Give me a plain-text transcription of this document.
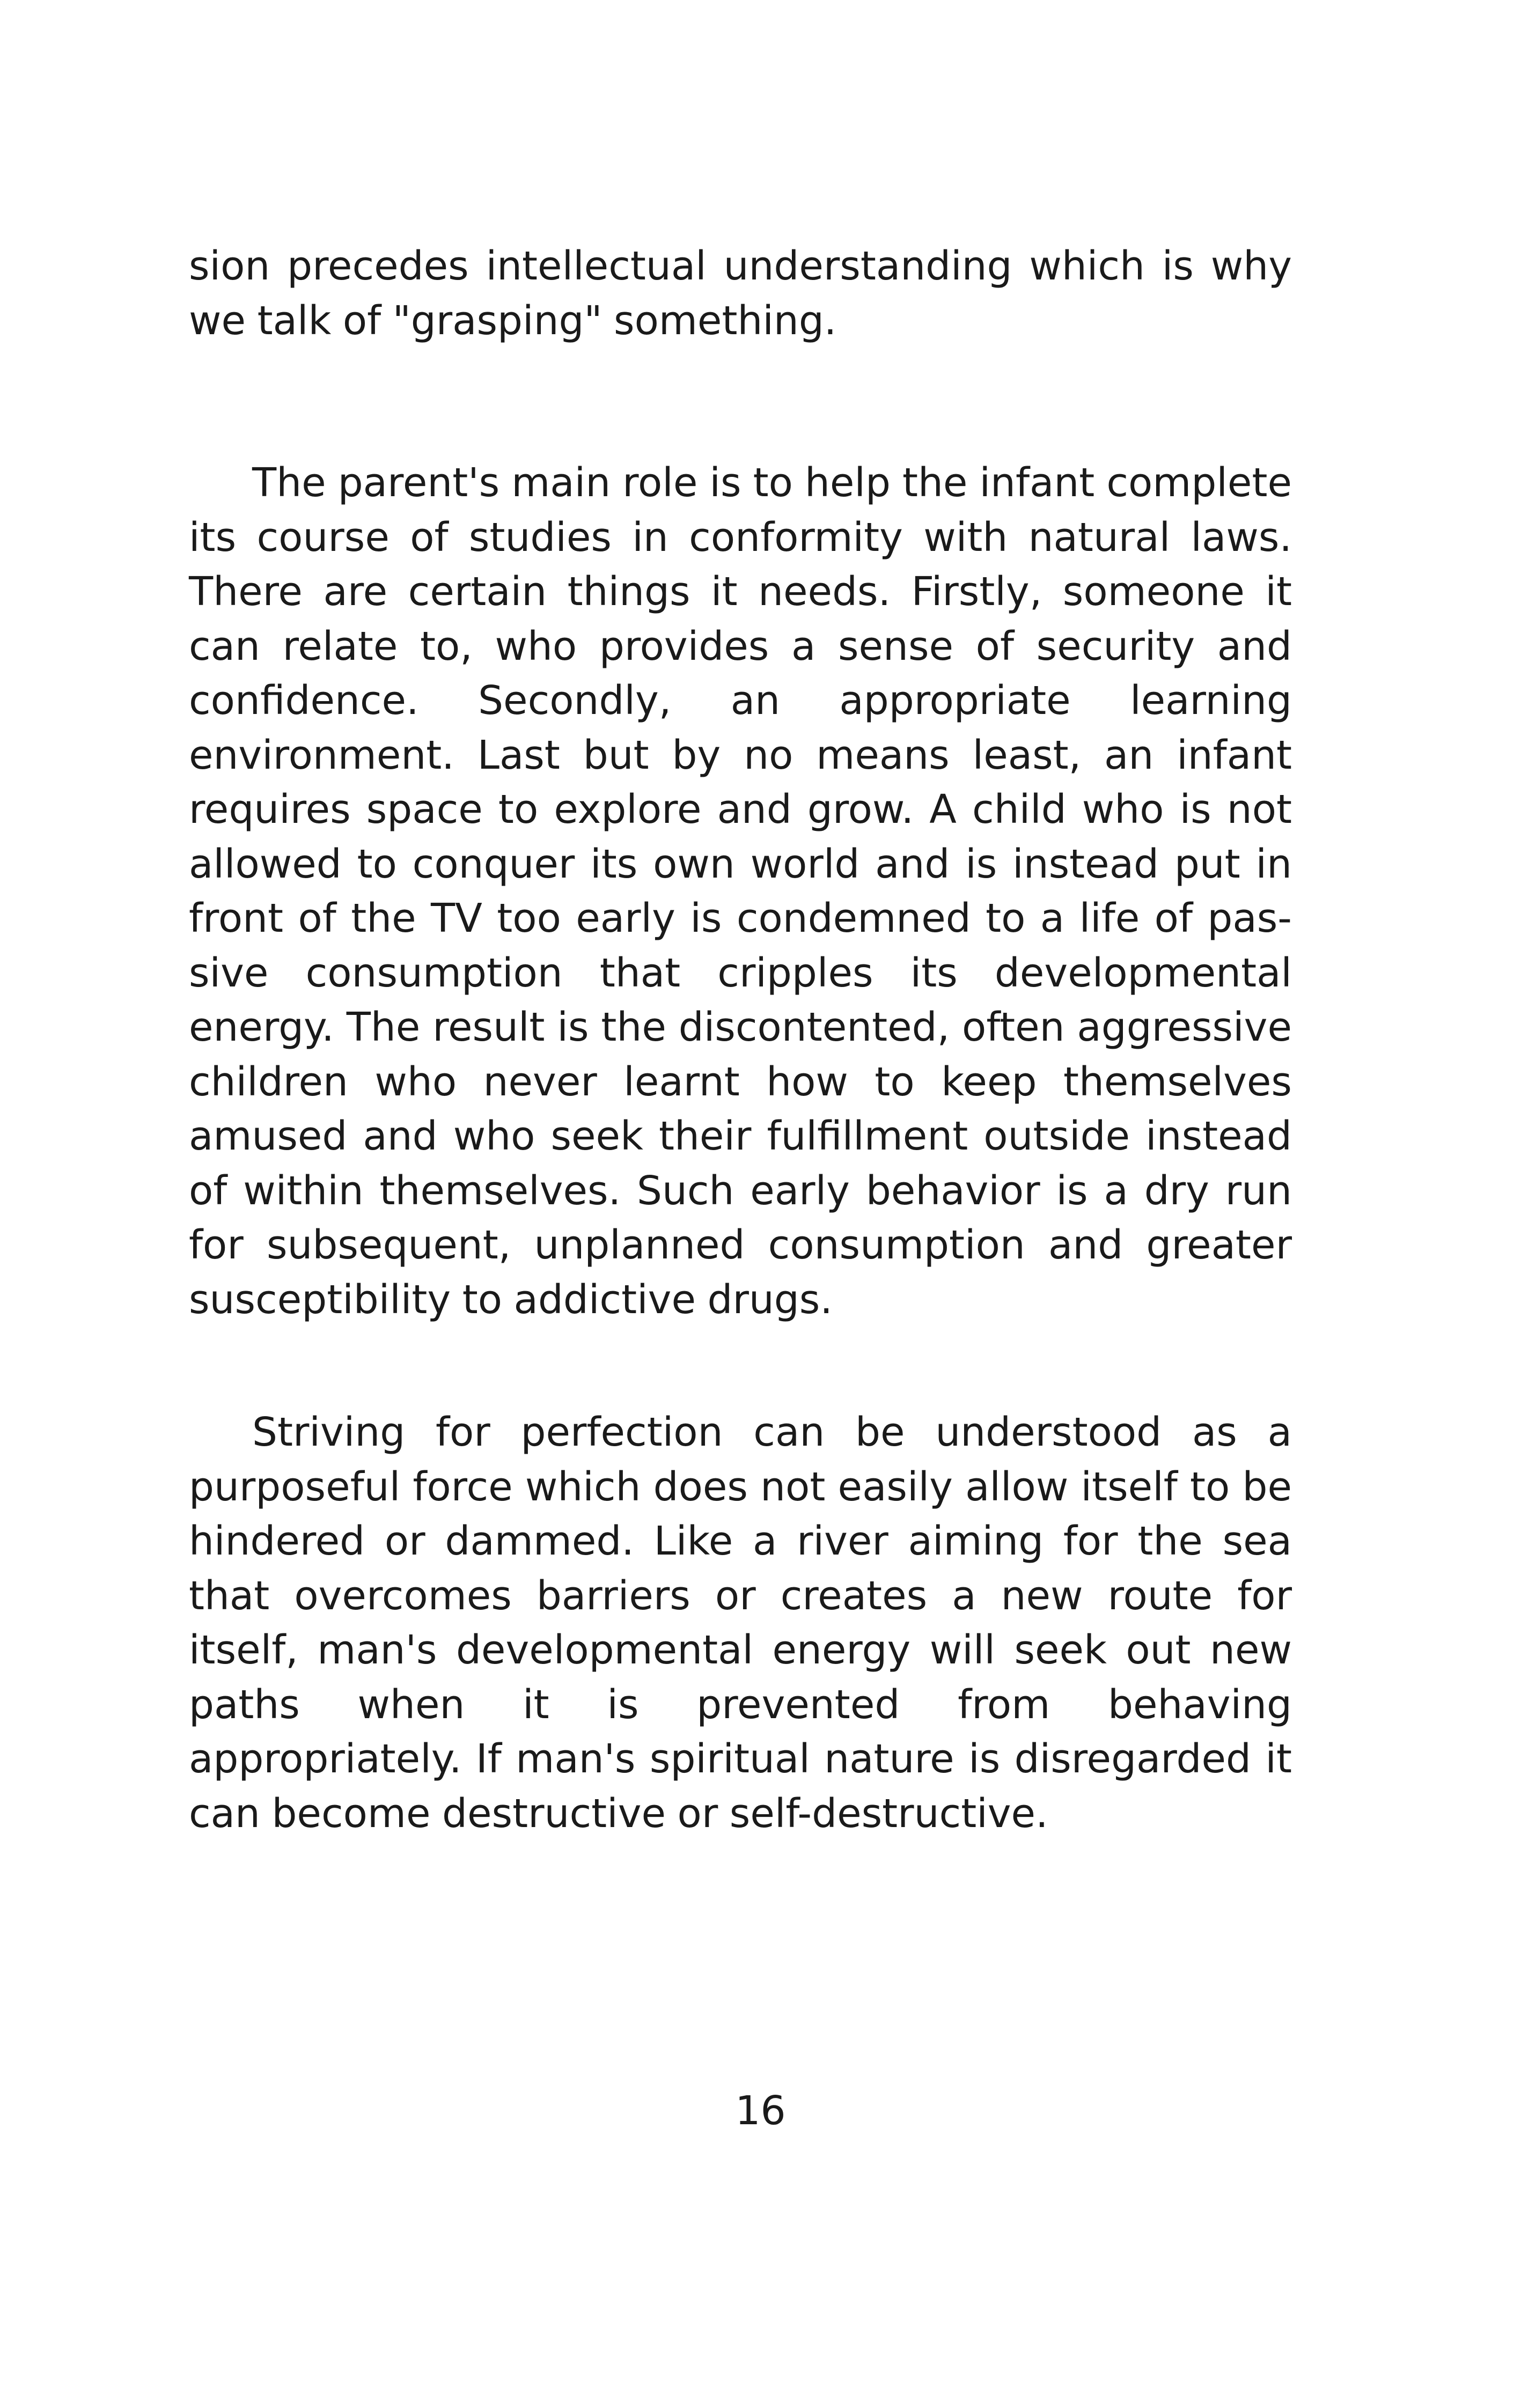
sion precedes intellectual understanding which is why we talk of "grasping" something.

The parent's main role is to help the infant complete its course of studies in conformity with natural laws. There are certain things it needs. Firstly, someone it can relate to, who provides a sense of security and confidence. Secondly, an appropriate learning environment. Last but by no means least, an infant requires space to explore and grow. A child who is not allowed to conquer its own world and is instead put in front of the TV too early is condemned to a life of passive consumption that cripples its developmental energy. The result is the discontented, often aggressive children who never learnt how to keep themselves amused and who seek their fulfillment outside instead of within themselves. Such early behavior is a dry run for subsequent, unplanned consumption and greater susceptibility to addictive drugs.

Striving for perfection can be understood as a purposeful force which does not easily allow itself to be hindered or dammed. Like a river aiming for the sea that overcomes barriers or creates a new route for itself, man's developmental energy will seek out new paths when it is prevented from behaving appropriately. If man's spiritual nature is disregarded it can become destructive or self-destructive.

16
